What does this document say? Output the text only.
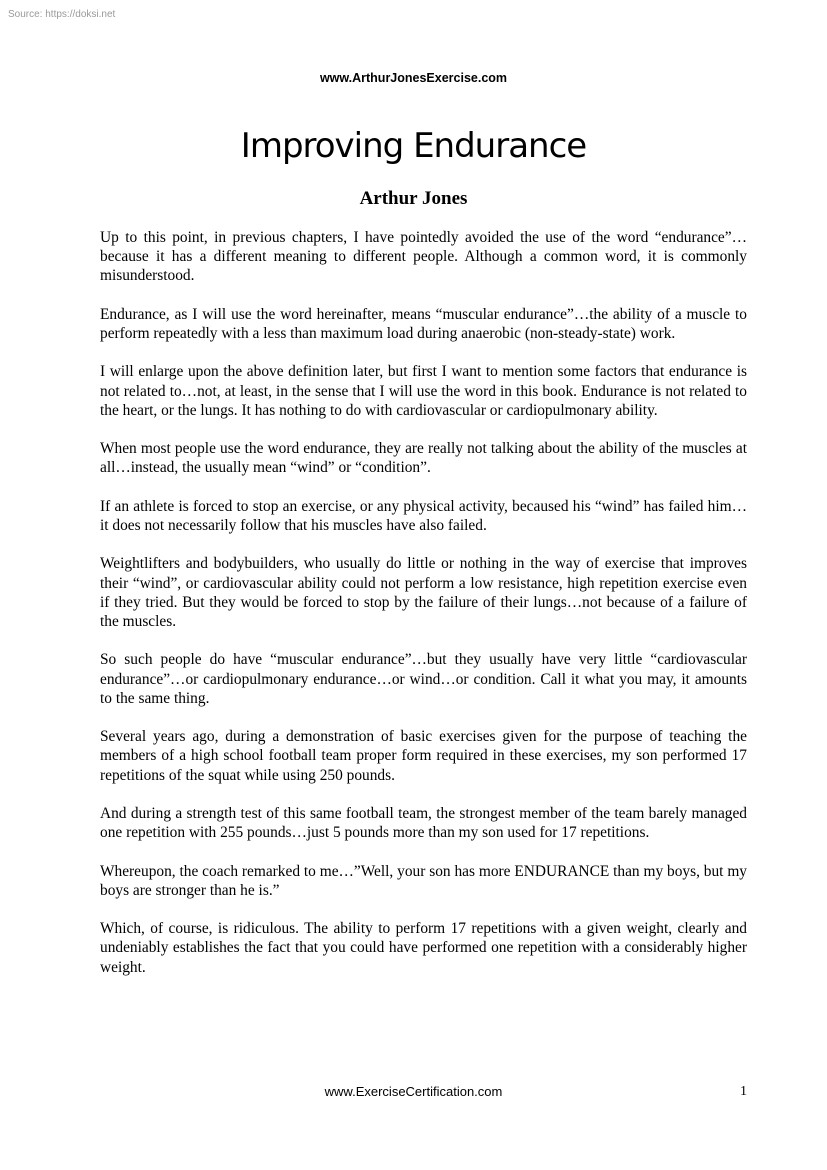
Source: https://doksi.net
www.ArthurJonesExercise.com
Improving Endurance
Arthur Jones

Up to this point, in previous chapters, I have pointedly avoided the use of the word “endurance”…because it has a different meaning to different people. Although a common word, it is commonly misunderstood.

Endurance, as I will use the word hereinafter, means “muscular endurance”…the ability of a muscle to perform repeatedly with a less than maximum load during anaerobic (non-steady-state) work.

I will enlarge upon the above definition later, but first I want to mention some factors that endurance is not related to…not, at least, in the sense that I will use the word in this book. Endurance is not related to the heart, or the lungs. It has nothing to do with cardiovascular or cardiopulmonary ability.

When most people use the word endurance, they are really not talking about the ability of the muscles at all…instead, the usually mean “wind” or “condition”.

If an athlete is forced to stop an exercise, or any physical activity, becaused his “wind” has failed him…it does not necessarily follow that his muscles have also failed.

Weightlifters and bodybuilders, who usually do little or nothing in the way of exercise that improves their “wind”, or cardiovascular ability could not perform a low resistance, high repetition exercise even if they tried. But they would be forced to stop by the failure of their lungs…not because of a failure of the muscles.

So such people do have “muscular endurance”…but they usually have very little “cardiovascular endurance”…or cardiopulmonary endurance…or wind…or condition. Call it what you may, it amounts to the same thing.

Several years ago, during a demonstration of basic exercises given for the purpose of teaching the members of a high school football team proper form required in these exercises, my son performed 17 repetitions of the squat while using 250 pounds.

And during a strength test of this same football team, the strongest member of the team barely managed one repetition with 255 pounds…just 5 pounds more than my son used for 17 repetitions.

Whereupon, the coach remarked to me…”Well, your son has more ENDURANCE than my boys, but my boys are stronger than he is.”

Which, of course, is ridiculous. The ability to perform 17 repetitions with a given weight, clearly and undeniably establishes the fact that you could have performed one repetition with a considerably higher weight.

www.ExerciseCertification.com	1
